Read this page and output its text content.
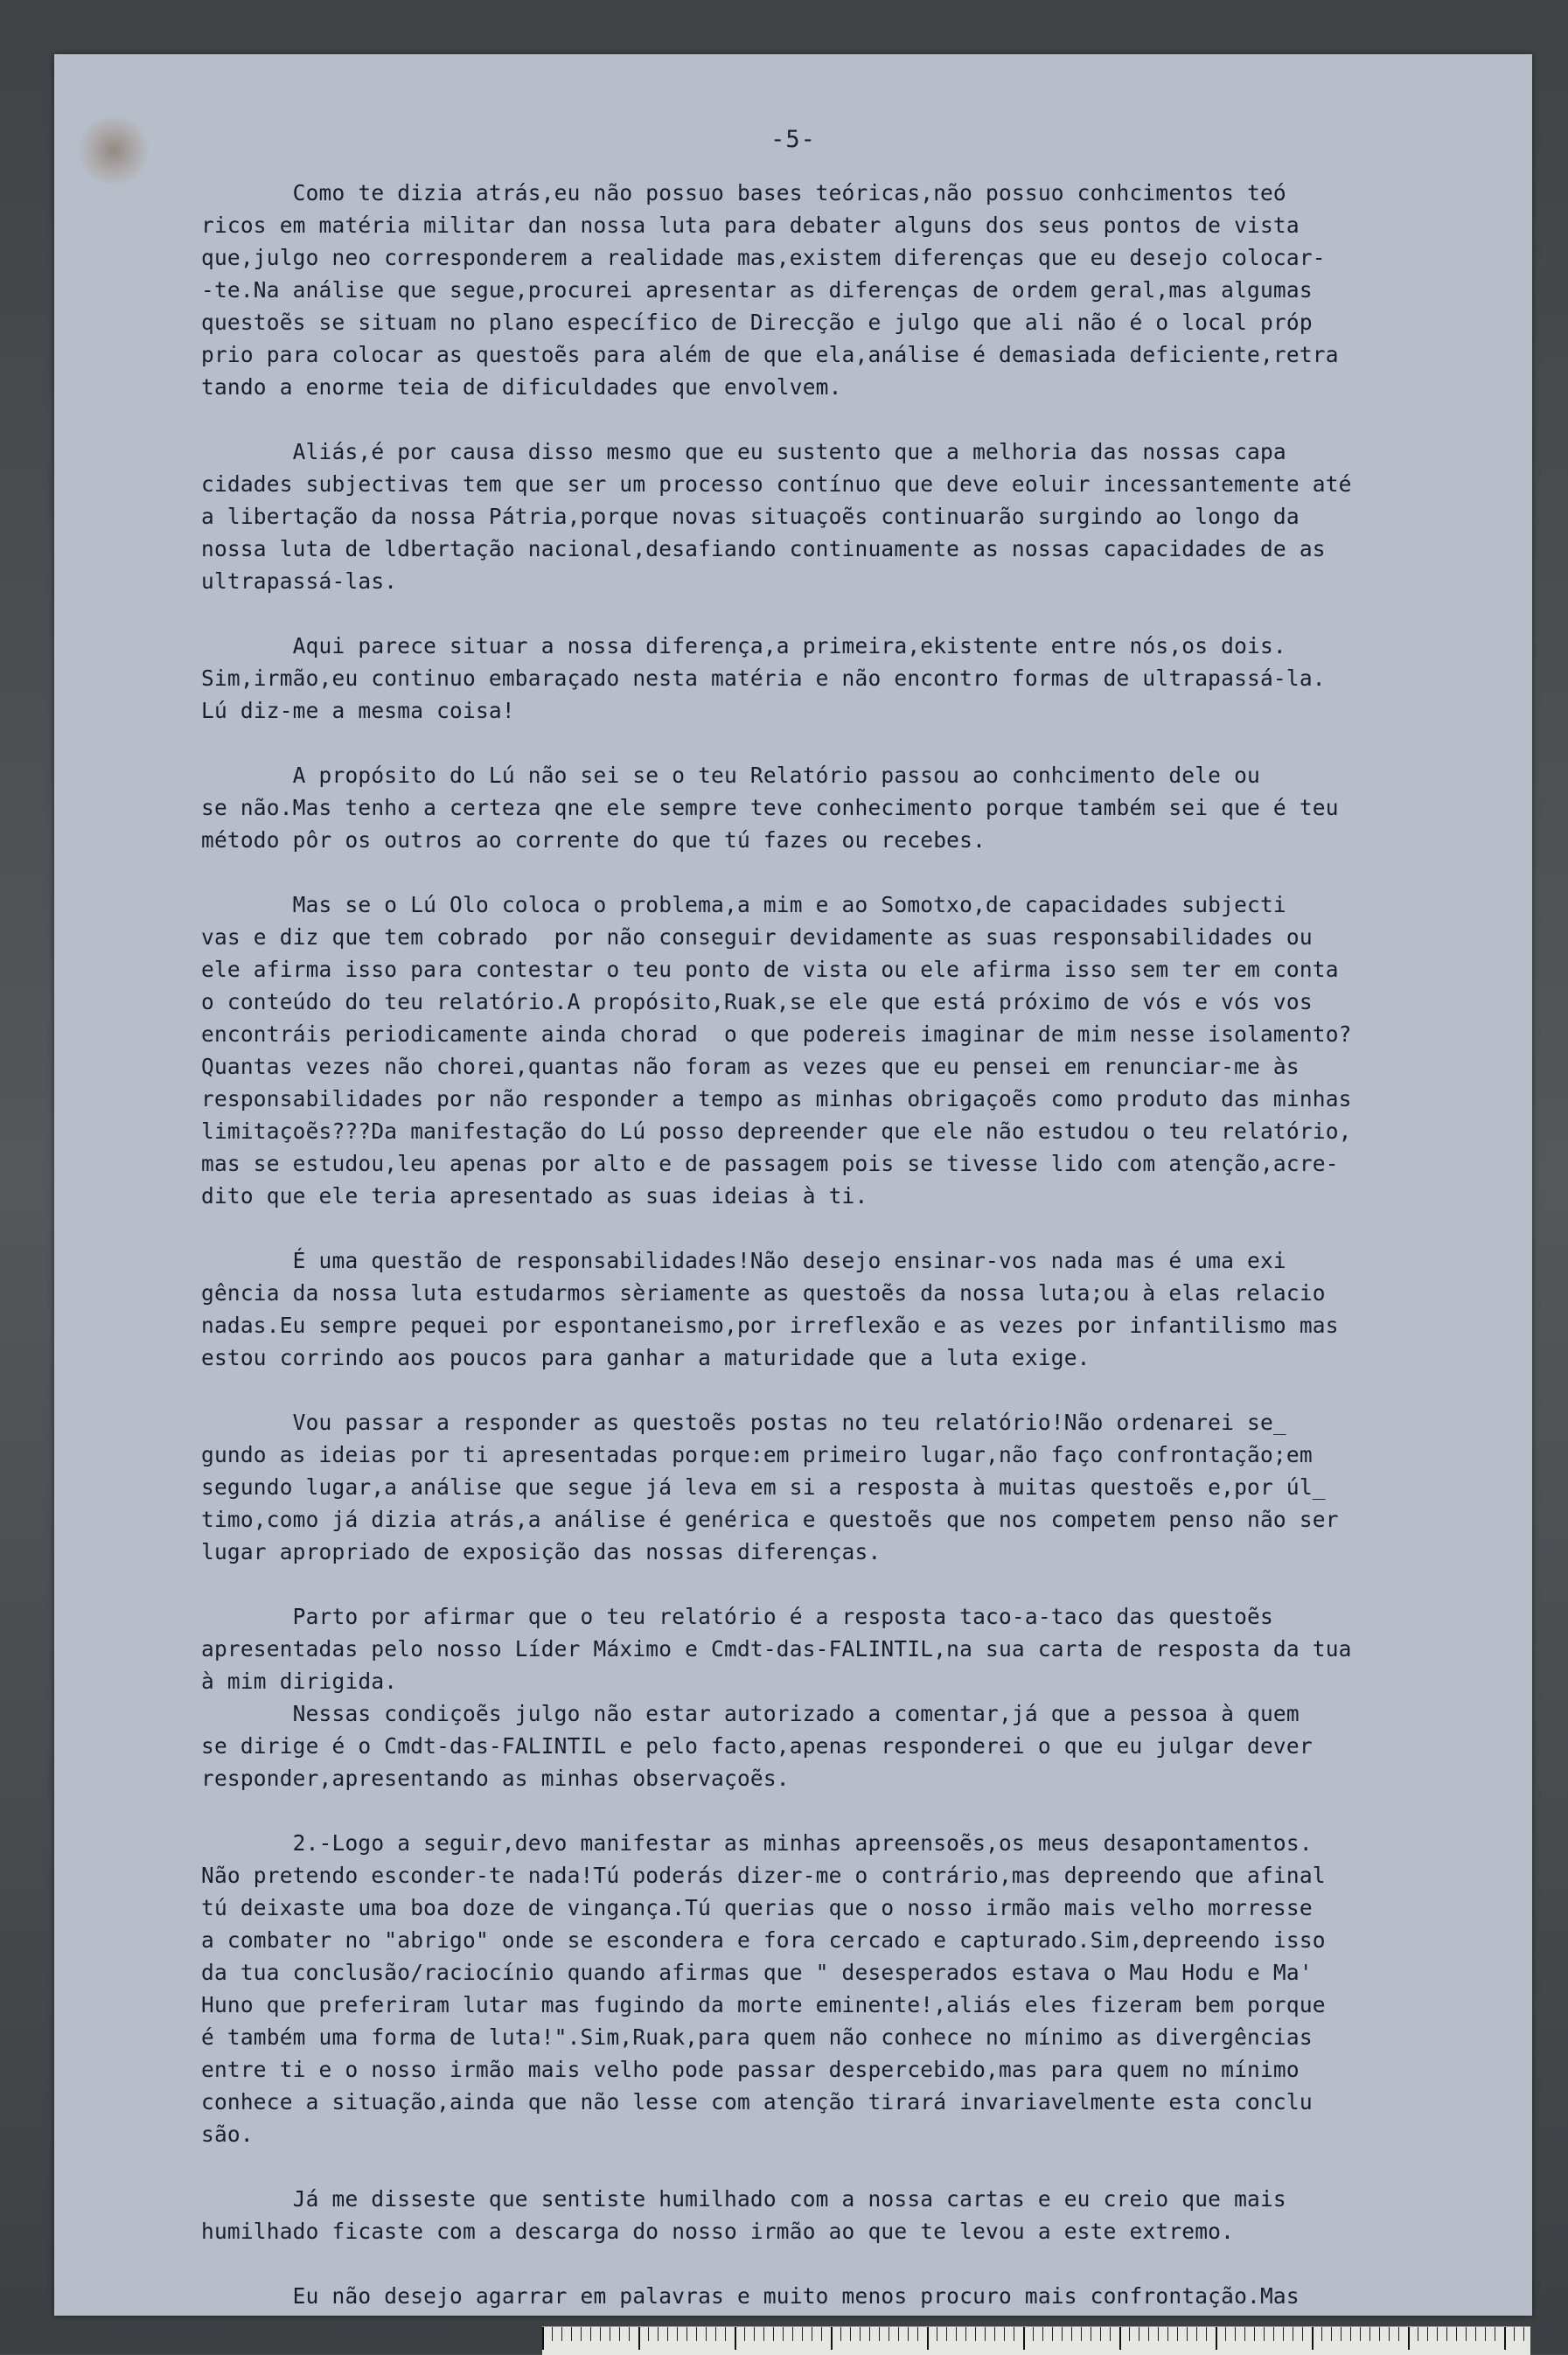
-5-
Como te dizia atrás,eu não possuo bases teóricas,não possuo conhcimentos teó
ricos em matéria militar dan nossa luta para debater alguns dos seus pontos de vista
que,julgo neo corresponderem a realidade mas,existem diferenças que eu desejo colocar-
-te.Na análise que segue,procurei apresentar as diferenças de ordem geral,mas algumas
questoẽs se situam no plano específico de Direcção e julgo que ali não é o local próp
prio para colocar as questoẽs para além de que ela,análise é demasiada deficiente,retra
tando a enorme teia de dificuldades que envolvem.
Aliás,é por causa disso mesmo que eu sustento que a melhoria das nossas capa
cidades subjectivas tem que ser um processo contínuo que deve eoluir incessantemente até
a libertação da nossa Pátria,porque novas situaçoẽs continuarão surgindo ao longo da
nossa luta de ldbertação nacional,desafiando continuamente as nossas capacidades de as
ultrapassá-las.
Aqui parece situar a nossa diferença,a primeira,ekistente entre nós,os dois.
Sim,irmão,eu continuo embaraçado nesta matéria e não encontro formas de ultrapassá-la.
Lú diz-me a mesma coisa!
A propósito do Lú não sei se o teu Relatório passou ao conhcimento dele ou
se não.Mas tenho a certeza qne ele sempre teve conhecimento porque também sei que é teu
método pôr os outros ao corrente do que tú fazes ou recebes.
Mas se o Lú Olo coloca o problema,a mim e ao Somotxo,de capacidades subjecti
vas e diz que tem cobrado  por não conseguir devidamente as suas responsabilidades ou
ele afirma isso para contestar o teu ponto de vista ou ele afirma isso sem ter em conta
o conteúdo do teu relatório.A propósito,Ruak,se ele que está próximo de vós e vós vos
encontráis periodicamente ainda chorad  o que podereis imaginar de mim nesse isolamento?
Quantas vezes não chorei,quantas não foram as vezes que eu pensei em renunciar-me às
responsabilidades por não responder a tempo as minhas obrigaçoẽs como produto das minhas
limitaçoẽs???Da manifestação do Lú posso depreender que ele não estudou o teu relatório,
mas se estudou,leu apenas por alto e de passagem pois se tivesse lido com atenção,acre-
dito que ele teria apresentado as suas ideias à ti.
É uma questão de responsabilidades!Não desejo ensinar-vos nada mas é uma exi
gência da nossa luta estudarmos sèriamente as questoẽs da nossa luta;ou à elas relacio
nadas.Eu sempre pequei por espontaneismo,por irreflexão e as vezes por infantilismo mas
estou corrindo aos poucos para ganhar a maturidade que a luta exige.
Vou passar a responder as questoẽs postas no teu relatório!Não ordenarei se_
gundo as ideias por ti apresentadas porque:em primeiro lugar,não faço confrontação;em
segundo lugar,a análise que segue já leva em si a resposta à muitas questoẽs e,por úl_
timo,como já dizia atrás,a análise é genérica e questoẽs que nos competem penso não ser
lugar apropriado de exposição das nossas diferenças.
Parto por afirmar que o teu relatório é a resposta taco-a-taco das questoẽs
apresentadas pelo nosso Líder Máximo e Cmdt-das-FALINTIL,na sua carta de resposta da tua
à mim dirigida.
Nessas condiçoẽs julgo não estar autorizado a comentar,já que a pessoa à quem
se dirige é o Cmdt-das-FALINTIL e pelo facto,apenas responderei o que eu julgar dever
responder,apresentando as minhas observaçoẽs.
2.-Logo a seguir,devo manifestar as minhas apreensoẽs,os meus desapontamentos.
Não pretendo esconder-te nada!Tú poderás dizer-me o contrário,mas depreendo que afinal
tú deixaste uma boa doze de vingança.Tú querias que o nosso irmão mais velho morresse
a combater no "abrigo" onde se escondera e fora cercado e capturado.Sim,depreendo isso
da tua conclusão/raciocínio quando afirmas que " desesperados estava o Mau Hodu e Ma'
Huno que preferiram lutar mas fugindo da morte eminente!,aliás eles fizeram bem porque
é também uma forma de luta!".Sim,Ruak,para quem não conhece no mínimo as divergências
entre ti e o nosso irmão mais velho pode passar despercebido,mas para quem no mínimo
conhece a situação,ainda que não lesse com atenção tirará invariavelmente esta conclu
são.
Já me disseste que sentiste humilhado com a nossa cartas e eu creio que mais
humilhado ficaste com a descarga do nosso irmão ao que te levou a este extremo.
Eu não desejo agarrar em palavras e muito menos procuro mais confrontação.Mas
